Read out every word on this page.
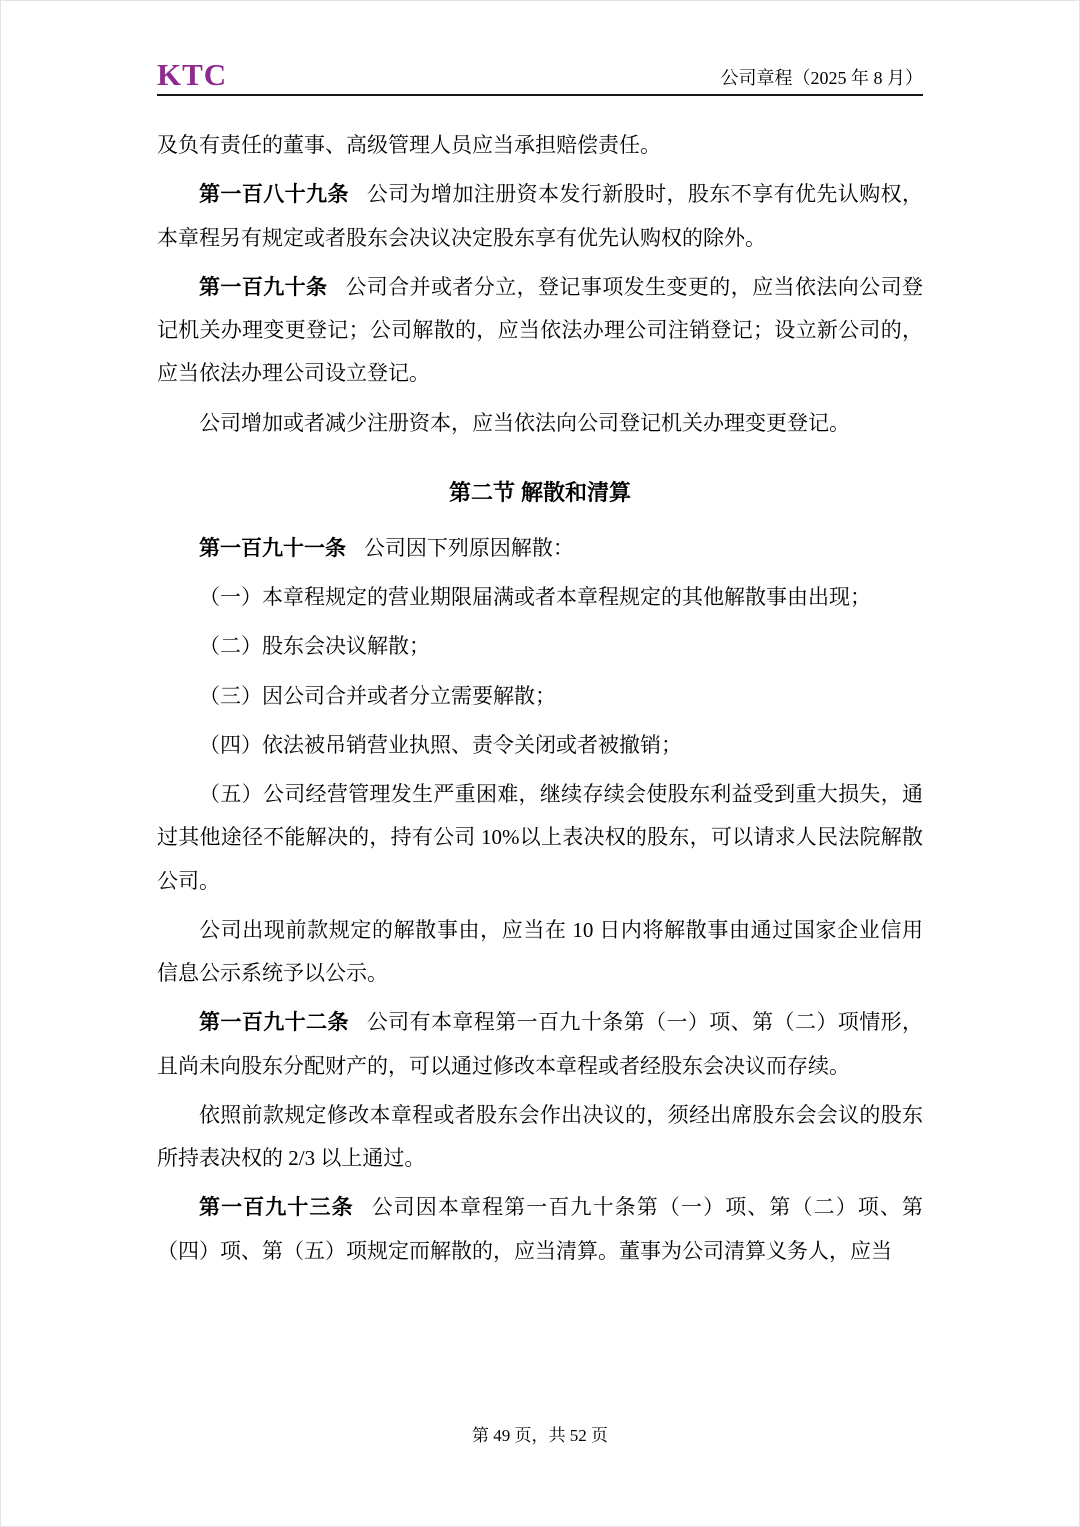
KTC	公司章程（2025 年 8 月）

及负有责任的董事、高级管理人员应当承担赔偿责任。

第一百八十九条 公司为增加注册资本发行新股时，股东不享有优先认购权，本章程另有规定或者股东会决议决定股东享有优先认购权的除外。

第一百九十条 公司合并或者分立，登记事项发生变更的，应当依法向公司登记机关办理变更登记；公司解散的，应当依法办理公司注销登记；设立新公司的，应当依法办理公司设立登记。

公司增加或者减少注册资本，应当依法向公司登记机关办理变更登记。

第二节 解散和清算

第一百九十一条 公司因下列原因解散：

（一）本章程规定的营业期限届满或者本章程规定的其他解散事由出现；

（二）股东会决议解散；

（三）因公司合并或者分立需要解散；

（四）依法被吊销营业执照、责令关闭或者被撤销；

（五）公司经营管理发生严重困难，继续存续会使股东利益受到重大损失，通过其他途径不能解决的，持有公司 10%以上表决权的股东，可以请求人民法院解散公司。

公司出现前款规定的解散事由，应当在 10 日内将解散事由通过国家企业信用信息公示系统予以公示。

第一百九十二条 公司有本章程第一百九十条第（一）项、第（二）项情形，且尚未向股东分配财产的，可以通过修改本章程或者经股东会决议而存续。

依照前款规定修改本章程或者股东会作出决议的，须经出席股东会会议的股东所持表决权的 2/3 以上通过。

第一百九十三条 公司因本章程第一百九十条第（一）项、第（二）项、第（四）项、第（五）项规定而解散的，应当清算。董事为公司清算义务人，应当

第 49 页，共 52 页
